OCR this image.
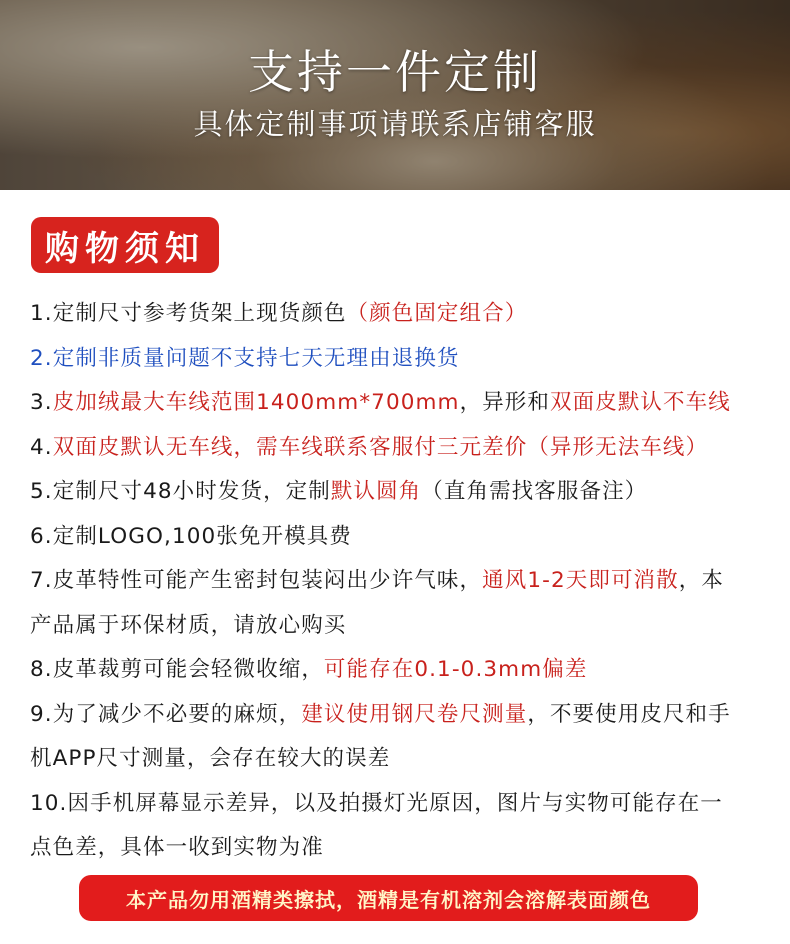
支持一件定制
具体定制事项请联系店铺客服
购物须知
1.定制尺寸参考货架上现货颜色（颜色固定组合）
2.定制非质量问题不支持七天无理由退换货
3.皮加绒最大车线范围1400mm*700mm，异形和双面皮默认不车线
4.双面皮默认无车线，需车线联系客服付三元差价（异形无法车线）
5.定制尺寸48小时发货，定制默认圆角（直角需找客服备注）
6.定制LOGO,100张免开模具费
7.皮革特性可能产生密封包装闷出少许气味，通风1-2天即可消散，本
产品属于环保材质，请放心购买
8.皮革裁剪可能会轻微收缩，可能存在0.1-0.3mm偏差
9.为了减少不必要的麻烦，建议使用钢尺卷尺测量，不要使用皮尺和手
机APP尺寸测量，会存在较大的误差
10.因手机屏幕显示差异，以及拍摄灯光原因，图片与实物可能存在一
点色差，具体一收到实物为准
本产品勿用酒精类擦拭，酒精是有机溶剂会溶解表面颜色
